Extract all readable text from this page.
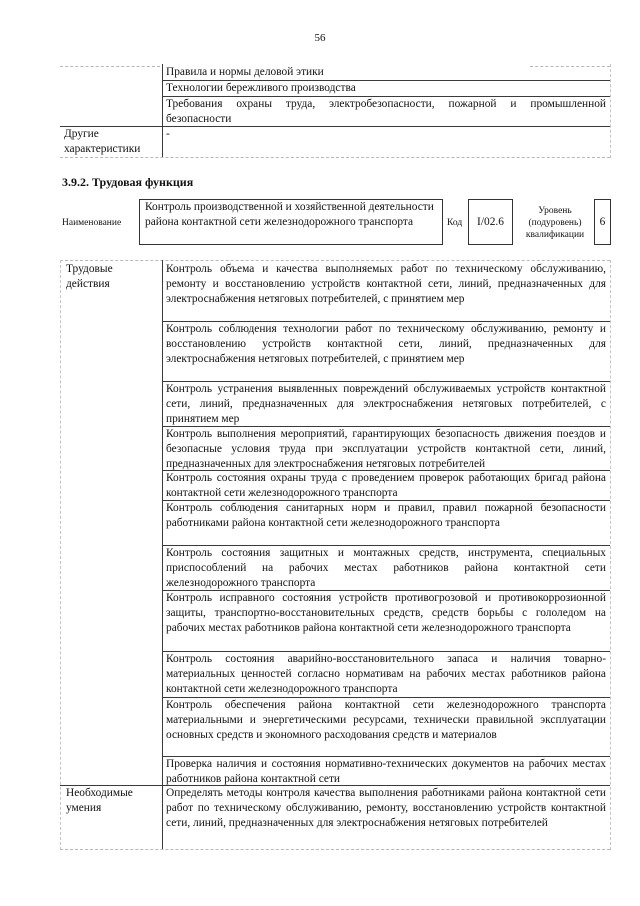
56
Правила и нормы деловой этики
Технологии бережливого производства
Требования охраны труда, электробезопасности, пожарной и промышленной безопасности
Другие характеристики
-
3.9.2. Трудовая функция
Наименование
Контроль производственной и хозяйственной деятельности района контактной сети железнодорожного транспорта	Код	I/02.6
Уровень (подуровень) квалификации
6
Трудовые действия
Необходимые умения
Контроль объема и качества выполняемых работ по техническому обслуживанию, ремонту и восстановлению устройств контактной сети, линий, предназначенных для электроснабжения нетяговых потребителей, с принятием мер
Контроль соблюдения технологии работ по техническому обслуживанию, ремонту и восстановлению устройств контактной сети, линий, предназначенных для электроснабжения нетяговых потребителей, с принятием мер
Контроль устранения выявленных повреждений обслуживаемых устройств контактной сети, линий, предназначенных для электроснабжения нетяговых потребителей, с принятием мер
Контроль выполнения мероприятий, гарантирующих безопасность движения поездов и безопасные условия труда при эксплуатации устройств контактной сети, линий, предназначенных для электроснабжения нетяговых потребителей
Контроль состояния охраны труда с проведением проверок работающих бригад района контактной сети железнодорожного транспорта
Контроль соблюдения санитарных норм и правил, правил пожарной безопасности работниками района контактной сети железнодорожного транспорта
Контроль состояния защитных и монтажных средств, инструмента, специальных приспособлений на рабочих местах работников района контактной сети железнодорожного транспорта
Контроль исправного состояния устройств противогрозовой и противокоррозионной защиты, транспортно-восстановительных средств, средств борьбы с гололедом на рабочих местах работников района контактной сети железнодорожного транспорта
Контроль состояния аварийно-восстановительного запаса и наличия товарно-материальных ценностей согласно нормативам на рабочих местах работников района контактной сети железнодорожного транспорта
Контроль обеспечения района контактной сети железнодорожного транспорта материальными и энергетическими ресурсами, технически правильной эксплуатации основных средств и экономного расходования средств и материалов
Проверка наличия и состояния нормативно-технических документов на рабочих местах работников района контактной сети
Определять методы контроля качества выполнения работниками района контактной сети работ по техническому обслуживанию, ремонту, восстановлению устройств контактной сети, линий, предназначенных для электроснабжения нетяговых потребителей
